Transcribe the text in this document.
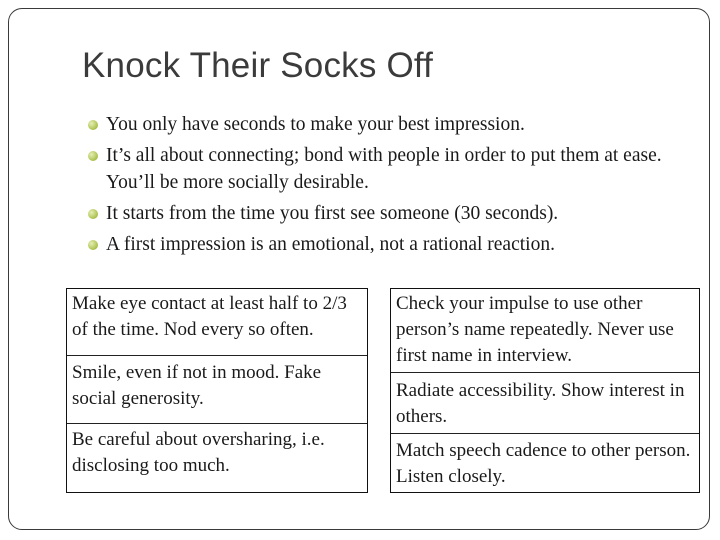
Knock Their Socks Off
You only have seconds to make your best impression.
It’s all about connecting; bond with people in order to put them at ease. You’ll be more socially desirable.
It starts from the time you first see someone (30 seconds).
A first impression is an emotional, not a rational reaction.
Make eye contact at least half to 2/3 of the time. Nod every so often.
Smile, even if not in mood. Fake social generosity.
Be careful about oversharing, i.e. disclosing too much.
Check your impulse to use other person’s name repeatedly. Never use first name in interview.
Radiate accessibility. Show interest in others.
Match speech cadence to other person. Listen closely.
